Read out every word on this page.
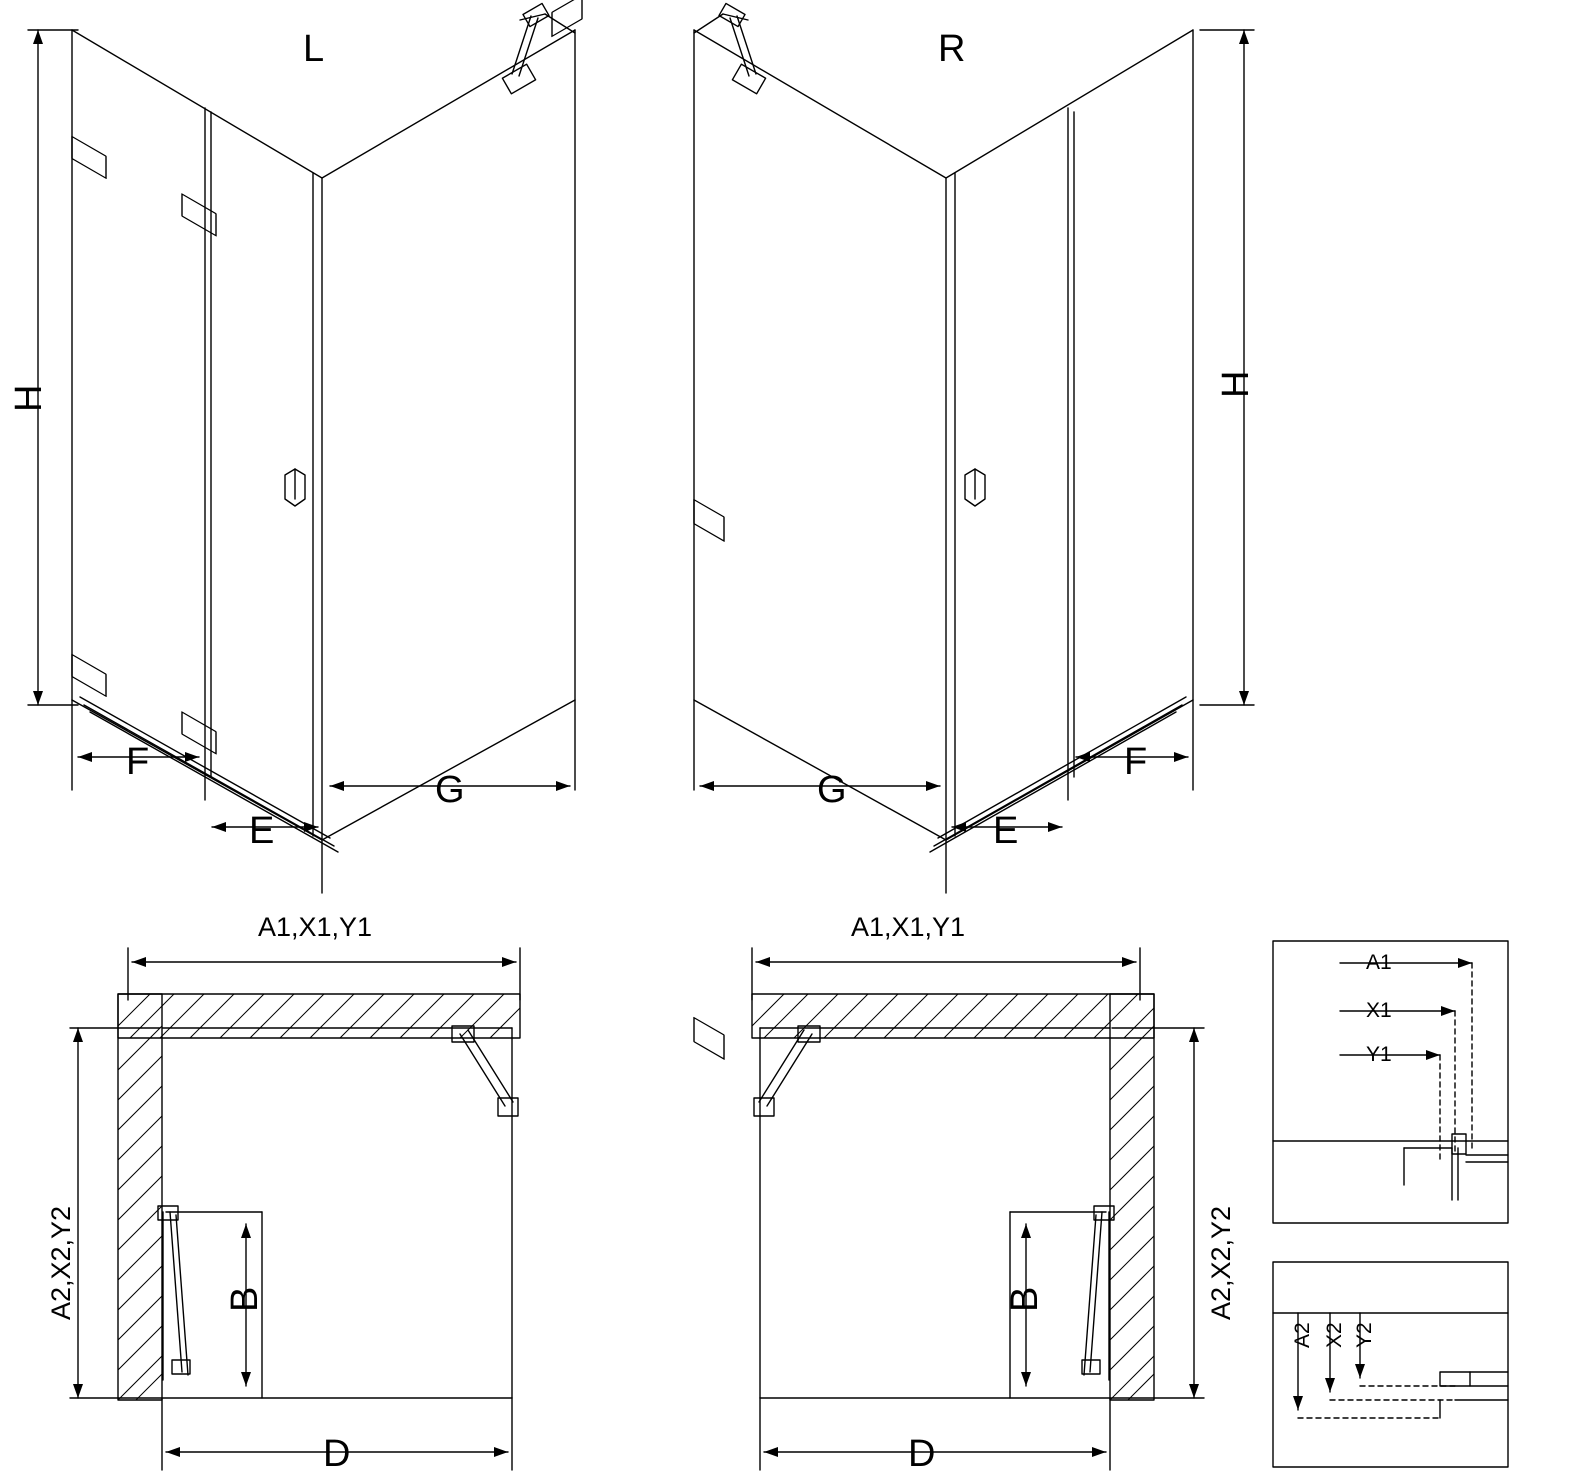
L	R
H
H
F
E
G	G
E
F
A1,X1,Y1	A1,X1,Y1
A2,X2,Y2	A2,X2,Y2
B	B
D	D
A1
X1
Y1
A2 X2 Y2
